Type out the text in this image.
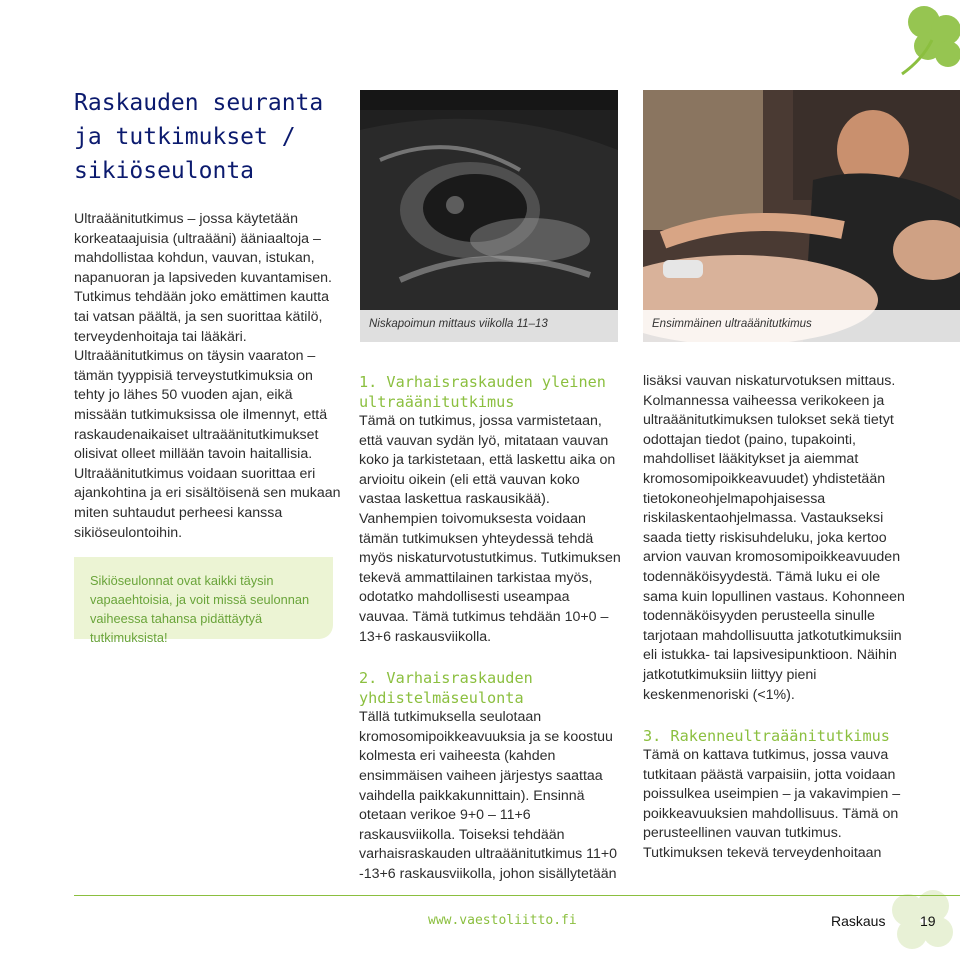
Raskauden seuranta ja tutkimukset / sikiöseulonta

Ultraäänitutkimus – jossa käytetään korkeataajuisia (ultraääni) ääniaaltoja – mahdollistaa kohdun, vauvan, istukan, napanuoran ja lapsiveden kuvantamisen. Tutkimus tehdään joko emättimen kautta tai vatsan päältä, ja sen suorittaa kätilö, terveydenhoitaja tai lääkäri.

Ultraäänitutkimus on täysin vaaraton – tämän tyyppisiä terveystutkimuksia on tehty jo lähes 50 vuoden ajan, eikä missään tutkimuksissa ole ilmennyt, että raskaudenaikaiset ultraäänitutkimukset olisivat olleet millään tavoin haitallisia.

Ultraäänitutkimus voidaan suorittaa eri ajankohtina ja eri sisältöisenä sen mukaan miten suhtaudut perheesi kanssa sikiöseulontoihin.

Sikiöseulonnat ovat kaikki täysin vapaaehtoisia, ja voit missä seulonnan vaiheessa tahansa pidättäytyä tutkimuksista!

Niskapoimun mittaus viikolla 11–13	Ensimmäinen ultraäänitutkimus

1. Varhaisraskauden yleinen ultraäänitutkimus

Tämä on tutkimus, jossa varmistetaan, että vauvan sydän lyö, mitataan vauvan koko ja tarkistetaan, että laskettu aika on arvioitu oikein (eli että vauvan koko vastaa laskettua raskausikää). Vanhempien toivomuksesta voidaan tämän tutkimuksen yhteydessä tehdä myös niskaturvotustutkimus. Tutkimuksen tekevä ammattilainen tarkistaa myös, odotatko mahdollisesti useampaa vauvaa. Tämä tutkimus tehdään 10+0 – 13+6 raskausviikolla.

2. Varhaisraskauden yhdistelmäseulonta

Tällä tutkimuksella seulotaan kromosomipoikkeavuuksia ja se koostuu kolmesta eri vaiheesta (kahden ensimmäisen vaiheen järjestys saattaa vaihdella paikkakunnittain). Ensinnä otetaan verikoe 9+0 – 11+6 raskausviikolla. Toiseksi tehdään varhaisraskauden ultraäänitutkimus 11+0 -13+6 raskausviikolla, johon sisällytetään

lisäksi vauvan niskaturvotuksen mittaus. Kolmannessa vaiheessa verikokeen ja ultraäänitutkimuksen tulokset sekä tietyt odottajan tiedot (paino, tupakointi, mahdolliset lääkitykset ja aiemmat kromosomipoikkeavuudet) yhdistetään tietokoneohjelmapohjaisessa riskilaskentaohjelmassa. Vastaukseksi saada tietty riskisuhdeluku, joka kertoo arvion vauvan kromosomipoikkeavuuden todennäköisyydestä. Tämä luku ei ole sama kuin lopullinen vastaus. Kohonneen todennäköisyyden perusteella sinulle tarjotaan mahdollisuutta jatkotutkimuksiin eli istukka- tai lapsivesipunktioon. Näihin jatkotutkimuksiin liittyy pieni keskenmenoriski (<1%).

3. Rakenneultraäänitutkimus

Tämä on kattava tutkimus, jossa vauva tutkitaan päästä varpaisiin, jotta voidaan poissulkea useimpien – ja vakavimpien – poikkeavuuksien mahdollisuus. Tämä on perusteellinen vauvan tutkimus. Tutkimuksen tekevä terveydenhoitaan

www.vaestoliitto.fi	Raskaus 19
